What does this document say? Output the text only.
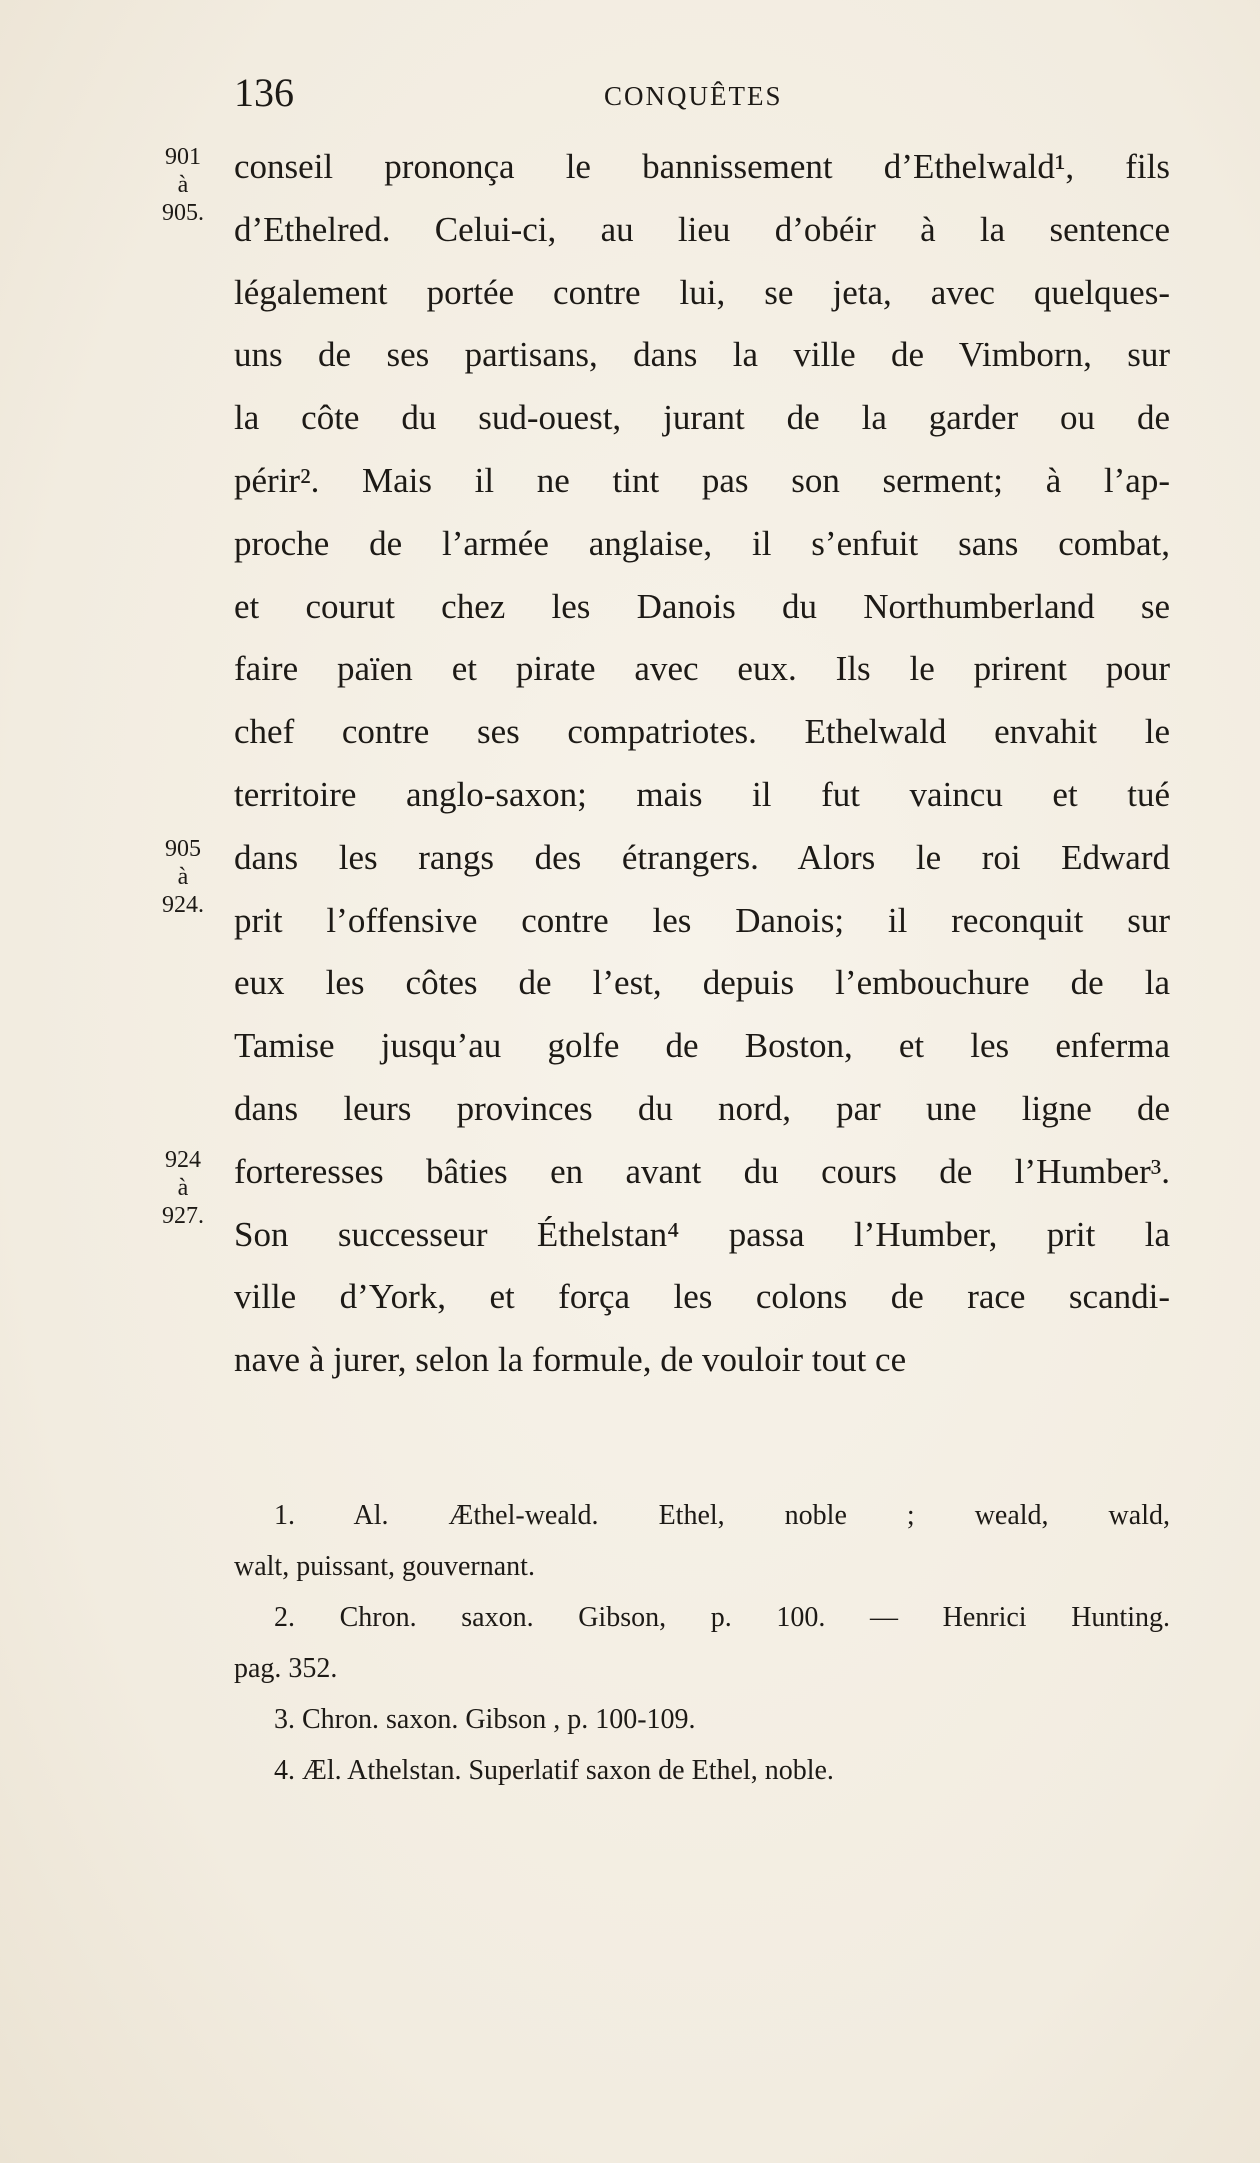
136	CONQUÊTES
901
à
905.
905
à
924.
924
à
927.
conseil prononça le bannissement d’Ethelwald¹, fils
d’Ethelred. Celui-ci, au lieu d’obéir à la sentence
légalement portée contre lui, se jeta, avec quelques-
uns de ses partisans, dans la ville de Vimborn, sur
la côte du sud-ouest, jurant de la garder ou de
périr². Mais il ne tint pas son serment; à l’ap-
proche de l’armée anglaise, il s’enfuit sans combat,
et courut chez les Danois du Northumberland se
faire païen et pirate avec eux. Ils le prirent pour
chef contre ses compatriotes. Ethelwald envahit le
territoire anglo-saxon; mais il fut vaincu et tué
dans les rangs des étrangers. Alors le roi Edward
prit l’offensive contre les Danois; il reconquit sur
eux les côtes de l’est, depuis l’embouchure de la
Tamise jusqu’au golfe de Boston, et les enferma
dans leurs provinces du nord, par une ligne de
forteresses bâties en avant du cours de l’Humber³.
Son successeur Éthelstan⁴ passa l’Humber, prit la
ville d’York, et força les colons de race scandi-
nave à jurer, selon la formule, de vouloir tout ce
1. Al. Æthel-weald. Ethel, noble ; weald, wald,
walt, puissant, gouvernant.
2. Chron. saxon. Gibson, p. 100. — Henrici Hunting.
pag. 352.
3. Chron. saxon. Gibson , p. 100-109.
4. Æl. Athelstan. Superlatif saxon de Ethel, noble.
